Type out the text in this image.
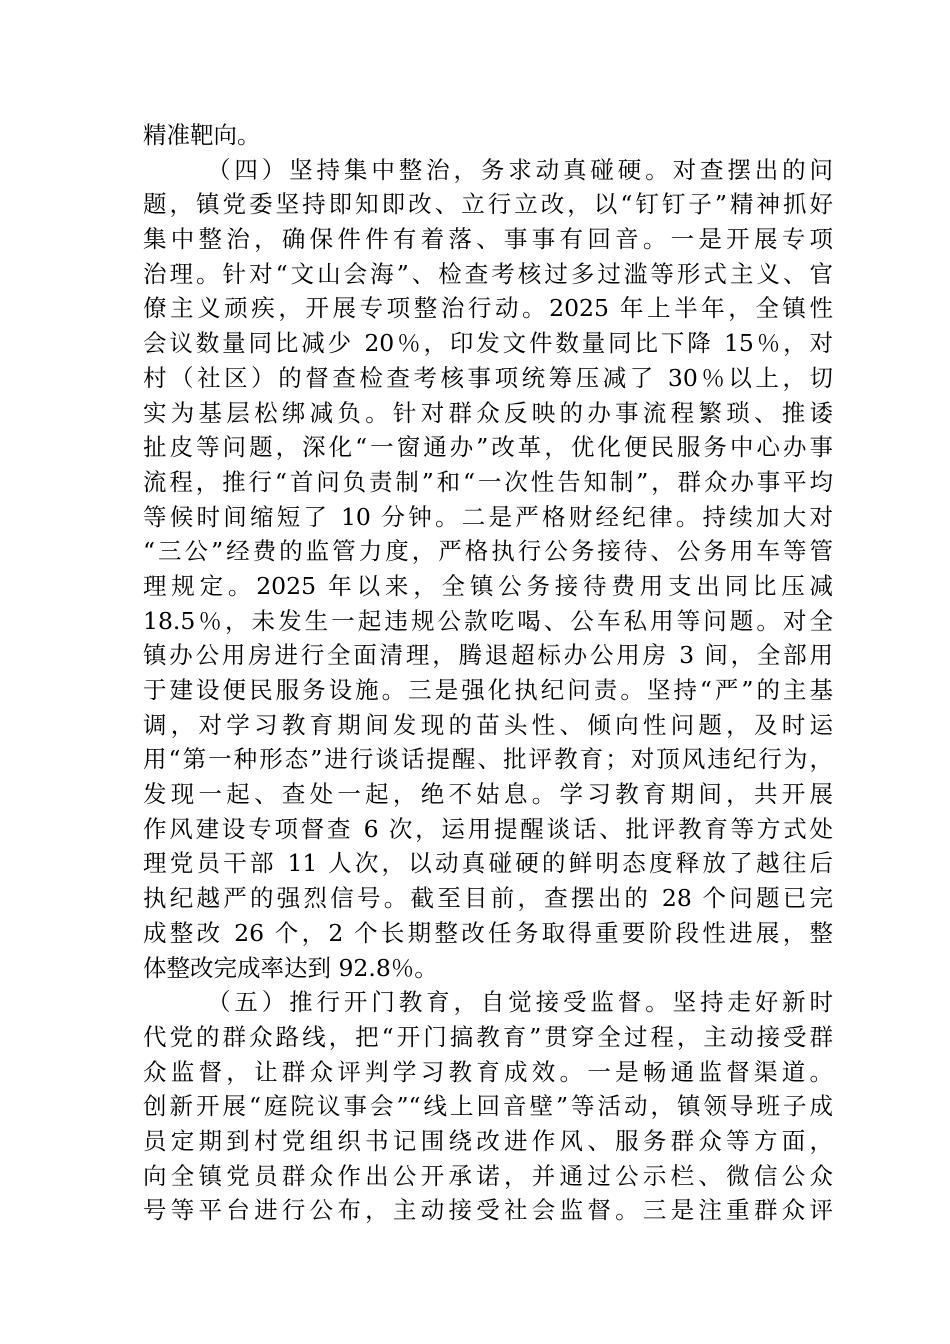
精准靶向。
（四）坚持集中整治，务求动真碰硬。对查摆出的问
题，镇党委坚持即知即改、立行立改，以“钉钉子”精神抓好
集中整治，确保件件有着落、事事有回音。一是开展专项
治理。针对“文山会海”、检查考核过多过滥等形式主义、官
僚主义顽疾，开展专项整治行动。2025 年上半年，全镇性
会议数量同比减少 20％，印发文件数量同比下降 15％，对
村（社区）的督查检查考核事项统筹压减了 30％以上，切
实为基层松绑减负。针对群众反映的办事流程繁琐、推诿
扯皮等问题，深化“一窗通办”改革，优化便民服务中心办事
流程，推行“首问负责制”和“一次性告知制”，群众办事平均
等候时间缩短了 10 分钟。二是严格财经纪律。持续加大对
“三公”经费的监管力度，严格执行公务接待、公务用车等管
理规定。2025 年以来，全镇公务接待费用支出同比压减
18.5％，未发生一起违规公款吃喝、公车私用等问题。对全
镇办公用房进行全面清理，腾退超标办公用房 3 间，全部用
于建设便民服务设施。三是强化执纪问责。坚持“严”的主基
调，对学习教育期间发现的苗头性、倾向性问题，及时运
用“第一种形态”进行谈话提醒、批评教育；对顶风违纪行为，
发现一起、查处一起，绝不姑息。学习教育期间，共开展
作风建设专项督查 6 次，运用提醒谈话、批评教育等方式处
理党员干部 11 人次，以动真碰硬的鲜明态度释放了越往后
执纪越严的强烈信号。截至目前，查摆出的 28 个问题已完
成整改 26 个，2 个长期整改任务取得重要阶段性进展，整
体整改完成率达到 92.8％。
（五）推行开门教育，自觉接受监督。坚持走好新时
代党的群众路线，把“开门搞教育”贯穿全过程，主动接受群
众监督，让群众评判学习教育成效。一是畅通监督渠道。
创新开展“庭院议事会”“线上回音壁”等活动，镇领导班子成
员定期到村党组织书记围绕改进作风、服务群众等方面，
向全镇党员群众作出公开承诺，并通过公示栏、微信公众
号等平台进行公布，主动接受社会监督。三是注重群众评
